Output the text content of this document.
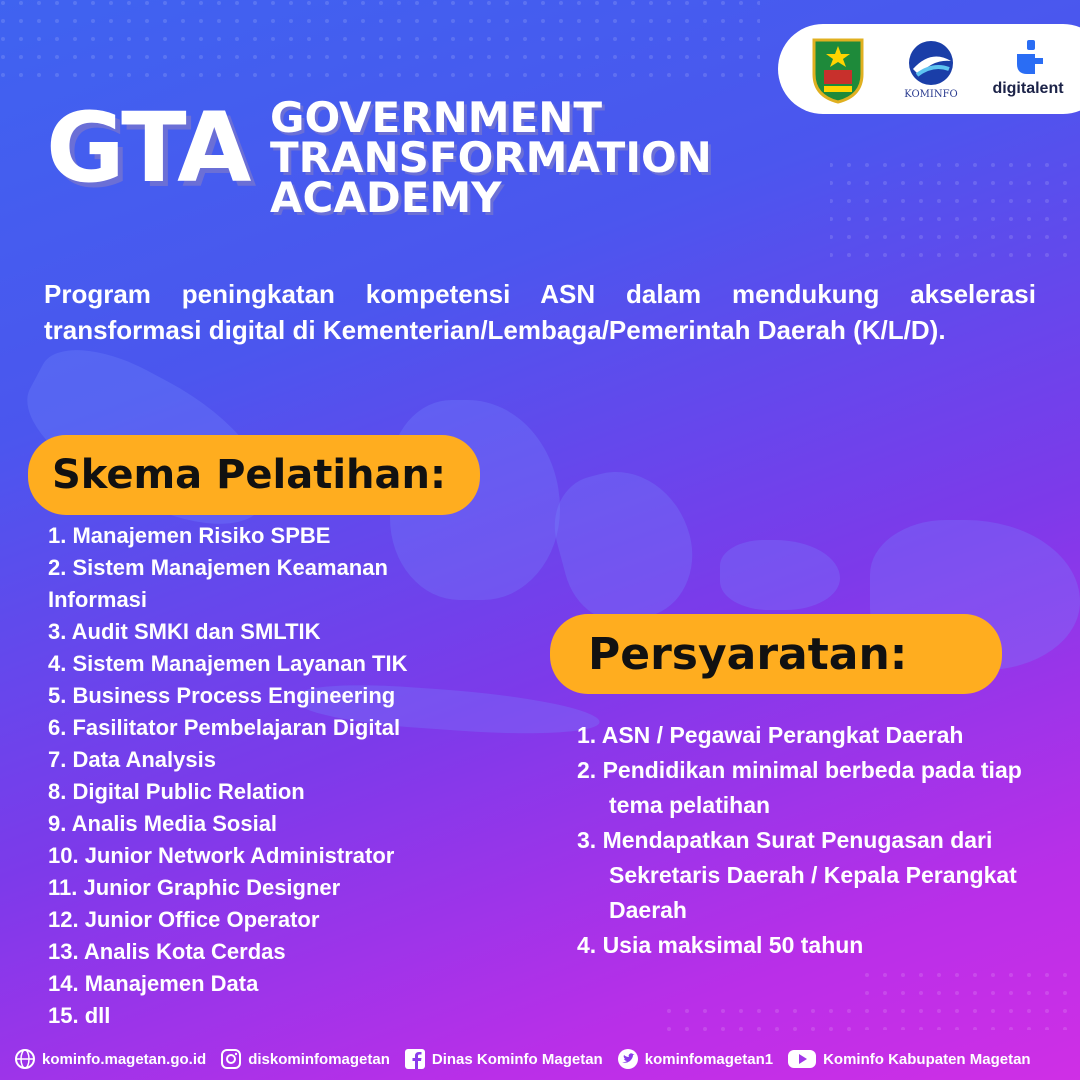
KOMINFO digitalent
GTA GOVERNMENT
TRANSFORMATION
ACADEMY
Program peningkatan kompetensi ASN dalam mendukung akselerasi transformasi digital di Kementerian/Lembaga/Pemerintah Daerah (K/L/D).
Skema Pelatihan:
1. Manajemen Risiko SPBE
2. Sistem Manajemen Keamanan Informasi
3. Audit SMKI dan SMLTIK
4. Sistem Manajemen Layanan TIK
5. Business Process Engineering
6. Fasilitator Pembelajaran Digital
7. Data Analysis
8. Digital Public Relation
9. Analis Media Sosial
10. Junior Network Administrator
11. Junior Graphic Designer
12. Junior Office Operator
13. Analis Kota Cerdas
14. Manajemen Data
15. dll
Persyaratan:
1. ASN / Pegawai Perangkat Daerah
2. Pendidikan minimal berbeda pada tiap tema pelatihan
3. Mendapatkan Surat Penugasan dari Sekretaris Daerah / Kepala Perangkat Daerah
4. Usia maksimal 50 tahun
kominfo.magetan.go.id	diskominfomagetan	Dinas Kominfo Magetan	kominfomagetan1	Kominfo Kabupaten Magetan
